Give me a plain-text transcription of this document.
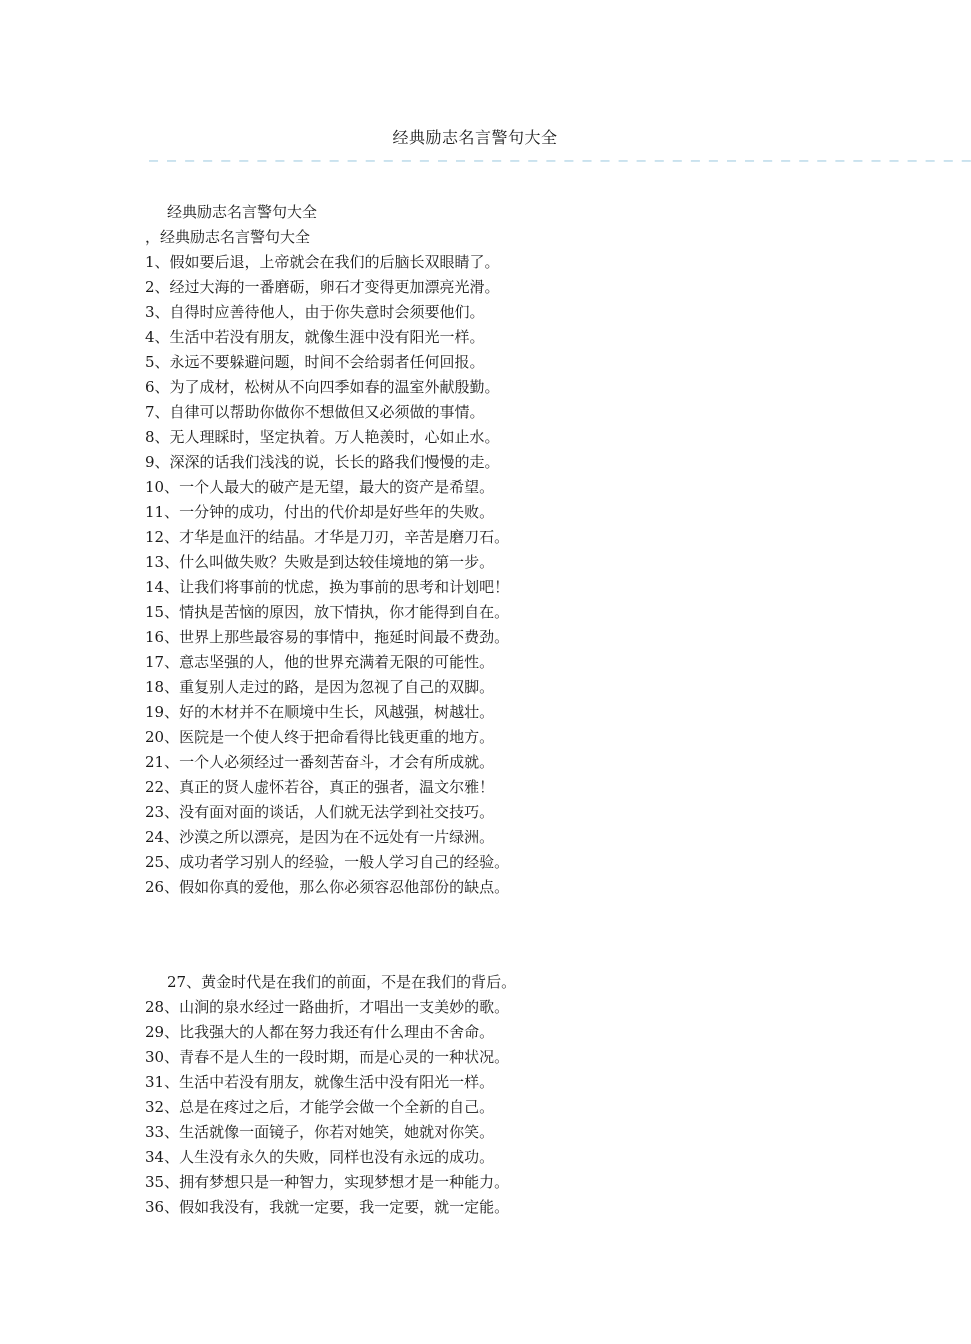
经典励志名言警句大全
— — — — — — — — — — — — — — — — — — — — — — — — — — — — — — — — — — — — — — — — — — — — — —
经典励志名言警句大全
，经典励志名言警句大全
1、假如要后退，上帝就会在我们的后脑长双眼睛了。
2、经过大海的一番磨砺，卵石才变得更加漂亮光滑。
3、自得时应善待他人，由于你失意时会须要他们。
4、生活中若没有朋友，就像生涯中没有阳光一样。
5、永远不要躲避问题，时间不会给弱者任何回报。
6、为了成材，松树从不向四季如春的温室外献殷勤。
7、自律可以帮助你做你不想做但又必须做的事情。
8、无人理睬时，坚定执着。万人艳羡时，心如止水。
9、深深的话我们浅浅的说，长长的路我们慢慢的走。
10、一个人最大的破产是无望，最大的资产是希望。
11、一分钟的成功，付出的代价却是好些年的失败。
12、才华是血汗的结晶。才华是刀刃，辛苦是磨刀石。
13、什么叫做失败？失败是到达较佳境地的第一步。
14、让我们将事前的忧虑，换为事前的思考和计划吧！
15、情执是苦恼的原因，放下情执，你才能得到自在。
16、世界上那些最容易的事情中，拖延时间最不费劲。
17、意志坚强的人，他的世界充满着无限的可能性。
18、重复别人走过的路，是因为忽视了自己的双脚。
19、好的木材并不在顺境中生长，风越强，树越壮。
20、医院是一个使人终于把命看得比钱更重的地方。
21、一个人必须经过一番刻苦奋斗，才会有所成就。
22、真正的贤人虚怀若谷，真正的强者，温文尔雅！
23、没有面对面的谈话，人们就无法学到社交技巧。
24、沙漠之所以漂亮，是因为在不远处有一片绿洲。
25、成功者学习别人的经验，一般人学习自己的经验。
26、假如你真的爱他，那么你必须容忍他部份的缺点。
27、黄金时代是在我们的前面，不是在我们的背后。
28、山涧的泉水经过一路曲折，才唱出一支美妙的歌。
29、比我强大的人都在努力我还有什么理由不舍命。
30、青春不是人生的一段时期，而是心灵的一种状况。
31、生活中若没有朋友，就像生活中没有阳光一样。
32、总是在疼过之后，才能学会做一个全新的自己。
33、生活就像一面镜子，你若对她笑，她就对你笑。
34、人生没有永久的失败，同样也没有永远的成功。
35、拥有梦想只是一种智力，实现梦想才是一种能力。
36、假如我没有，我就一定要，我一定要，就一定能。
